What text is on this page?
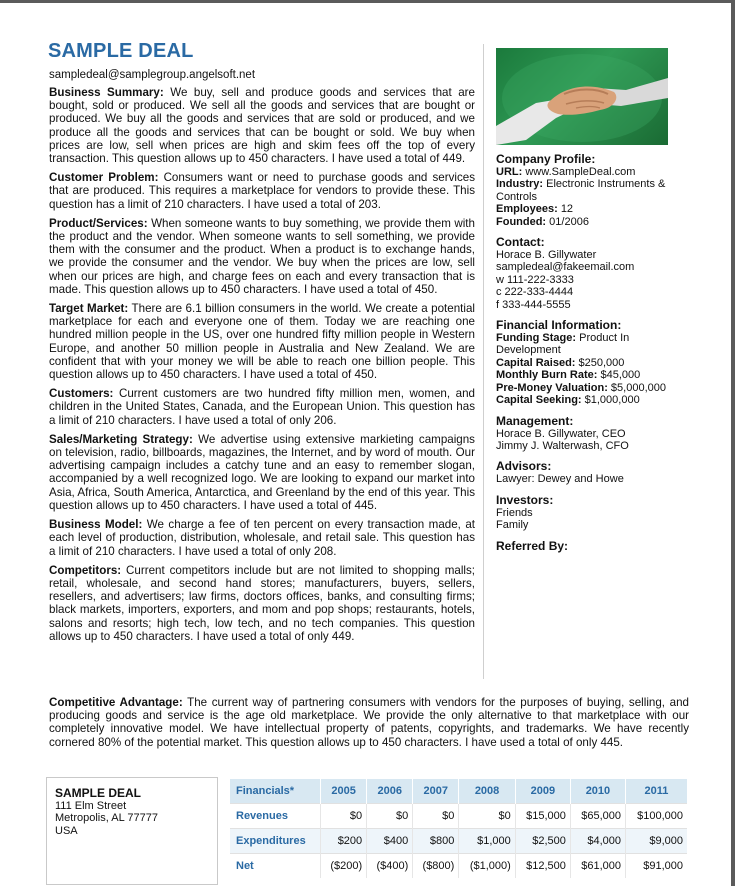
SAMPLE DEAL
sampledeal@samplegroup.angelsoft.net

Business Summary: We buy, sell and produce goods and services that are bought, sold or produced. We sell all the goods and services that are bought or produced. We buy all the goods and services that are sold or produced, and we produce all the goods and services that can be bought or sold. We buy when prices are low, sell when prices are high and skim fees off the top of every transaction. This question allows up to 450 characters. I have used a total of 449.

Customer Problem: Consumers want or need to purchase goods and services that are produced. This requires a marketplace for vendors to provide these. This question has a limit of 210 characters. I have used a total of 203.

Product/Services: When someone wants to buy something, we provide them with the product and the vendor. When someone wants to sell something, we provide them with the consumer and the product. When a product is to exchange hands, we provide the consumer and the vendor. We buy when the prices are low, sell when our prices are high, and charge fees on each and every transaction that is made. This question allows up to 450 characters. I have used a total of 450.

Target Market: There are 6.1 billion consumers in the world. We create a potential marketplace for each and everyone one of them. Today we are reaching one hundred million people in the US, over one hundred fifty million people in Western Europe, and another 50 million people in Australia and New Zealand. We are confident that with your money we will be able to reach one billion people. This question allows up to 450 characters. I have used a total of 450.

Customers: Current customers are two hundred fifty million men, women, and children in the United States, Canada, and the European Union. This question has a limit of 210 characters. I have used a total of only 206.

Sales/Marketing Strategy: We advertise using extensive markieting campaigns on television, radio, billboards, magazines, the Internet, and by word of mouth. Our advertising campaign includes a catchy tune and an easy to remember slogan, accompanied by a well recognized logo. We are looking to expand our market into Asia, Africa, South America, Antarctica, and Greenland by the end of this year. This question allows up to 450 characters. I have used a total of 445.

Business Model: We charge a fee of ten percent on every transaction made, at each level of production, distribution, wholesale, and retail sale. This question has a limit of 210 characters. I have used a total of only 208.

Competitors: Current competitors include but are not limited to shopping malls; retail, wholesale, and second hand stores; manufacturers, buyers, sellers, resellers, and advertisers; law firms, doctors offices, banks, and consulting firms; black markets, importers, exporters, and mom and pop shops; restaurants, hotels, salons and resorts; high tech, low tech, and no tech companies. This question allows up to 450 characters. I have used a total of only 449.

Company Profile:
URL: www.SampleDeal.com
Industry: Electronic Instruments & Controls
Employees: 12
Founded: 01/2006
Contact:
Horace B. Gillywater
sampledeal@fakeemail.com
w 111-222-3333
c 222-333-4444
f 333-444-5555
Financial Information:
Funding Stage: Product In Development
Capital Raised: $250,000
Monthly Burn Rate: $45,000
Pre-Money Valuation: $5,000,000
Capital Seeking: $1,000,000
Management:
Horace B. Gillywater, CEO
Jimmy J. Walterwash, CFO
Advisors:
Lawyer: Dewey and Howe
Investors:
Friends
Family
Referred By:
Competitive Advantage: The current way of partnering consumers with vendors for the purposes of buying, selling, and producing goods and service is the age old marketplace. We provide the only alternative to that marketplace with our completely innovative model. We have intellectual property of patents, copyrights, and trademarks. We have recently cornered 80% of the potential market. This question allows up to 450 characters. I have used a total of only 445.
SAMPLE DEAL
111 Elm Street
Metropolis, AL 77777
USA
Financials*	2005	2006	2007	2008	2009	2010	2011
Revenues	$0	$0	$0	$0	$15,000	$65,000	$100,000
Expenditures	$200	$400	$800	$1,000	$2,500	$4,000	$9,000
Net	($200)	($400)	($800)	($1,000)	$12,500	$61,000	$91,000
